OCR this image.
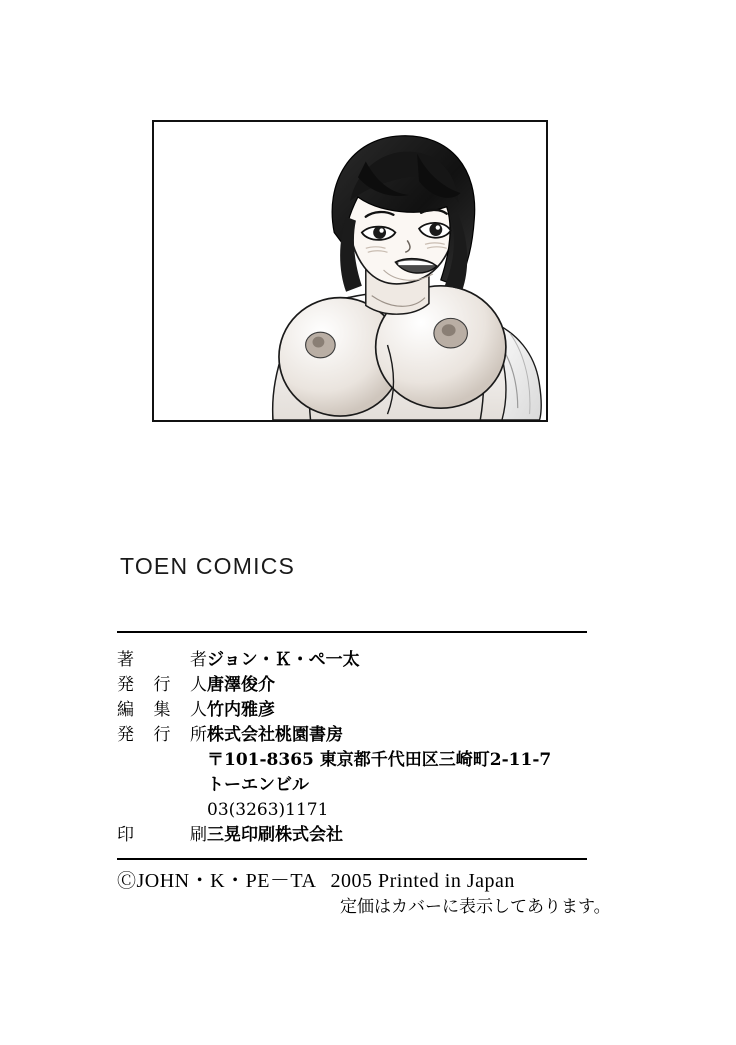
TOEN COMICS
著　者 ジョン・Ｋ・ペ一太
発行人 唐澤俊介
編集人 竹内雅彦
発行所 株式会社桃園書房
〒101-8365 東京都千代田区三崎町2-11-7
トーエンビル
03(3263)1171
印　刷 三晃印刷株式会社
ⒸJOHN・K・PE－TA 2005 Printed in Japan
定価はカバーに表示してあります。
